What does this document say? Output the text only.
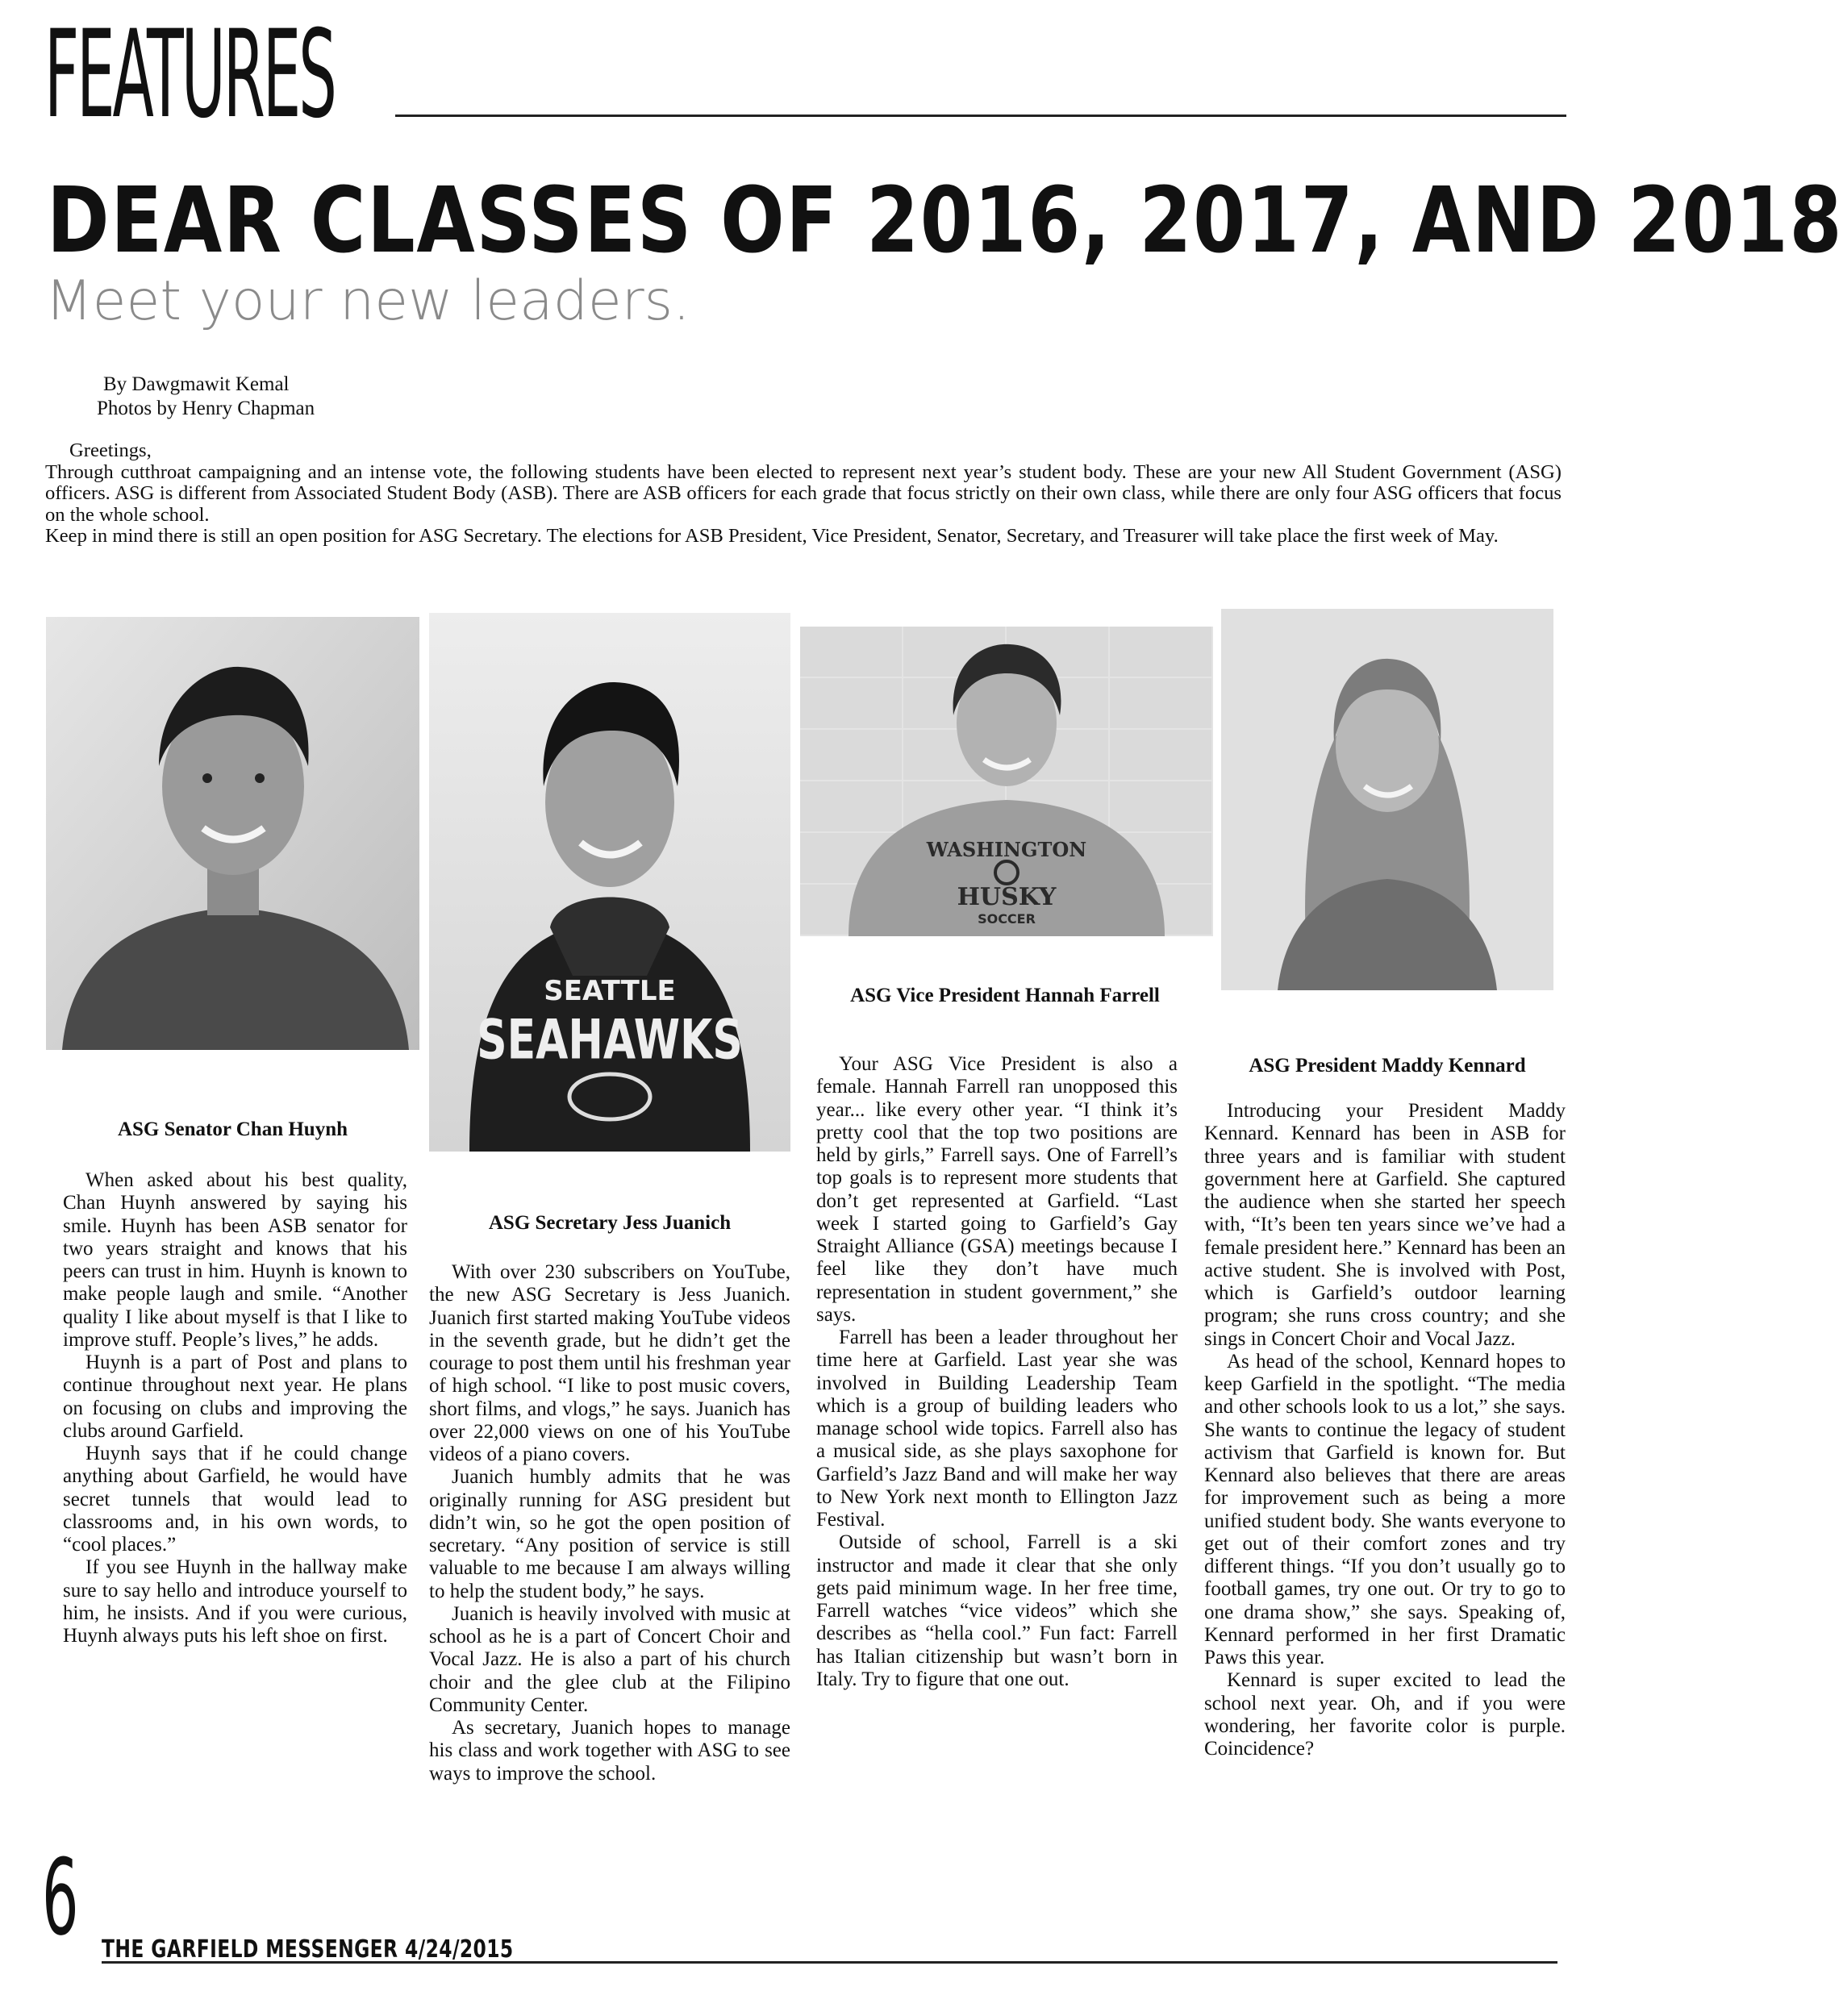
FEATURES
DEAR CLASSES OF 2016, 2017, AND 2018
Meet your new leaders.
By Dawgmawit Kemal
Photos by Henry Chapman

Greetings,

Through cutthroat campaigning and an intense vote, the following students have been elected to represent next year’s student body. These are your new All Student Government (ASG) officers. ASG is different from Associated Student Body (ASB). There are ASB officers for each grade that focus strictly on their own class, while there are only four ASG officers that focus on the whole school.

Keep in mind there is still an open position for ASG Secretary. The elections for ASB President, Vice President, Senator, Secretary, and Treasurer will take place the first week of May.

ASG Senator Chan Huynh
SEATTLE
SEAHAWKS
ASG Secretary Jess Juanich
WASHINGTON
HUSKY
SOCCER
ASG Vice President Hannah Farrell
ASG President Maddy Kennard

When asked about his best quality, Chan Huynh answered by saying his smile. Huynh has been ASB senator for two years straight and knows that his peers can trust in him. Huynh is known to make people laugh and smile. “Another quality I like about myself is that I like to improve stuff. People’s lives,” he adds.

Huynh is a part of Post and plans to continue throughout next year. He plans on focusing on clubs and improving the clubs around Garfield.

Huynh says that if he could change anything about Garfield, he would have secret tunnels that would lead to classrooms and, in his own words, to “cool places.”

If you see Huynh in the hallway make sure to say hello and introduce yourself to him, he insists. And if you were curious, Huynh always puts his left shoe on first.

With over 230 subscribers on YouTube, the new ASG Secretary is Jess Juanich. Juanich first started making YouTube videos in the seventh grade, but he didn’t get the courage to post them until his freshman year of high school. “I like to post music covers, short films, and vlogs,” he says. Juanich has over 22,000 views on one of his YouTube videos of a piano covers.

Juanich humbly admits that he was originally running for ASG president but didn’t win, so he got the open position of secretary. “Any position of service is still valuable to me because I am always willing to help the student body,” he says.

Juanich is heavily involved with music at school as he is a part of Concert Choir and Vocal Jazz. He is also a part of his church choir and the glee club at the Filipino Community Center.

As secretary, Juanich hopes to manage his class and work together with ASG to see ways to improve the school.

Your ASG Vice President is also a female. Hannah Farrell ran unopposed this year... like every other year. “I think it’s pretty cool that the top two positions are held by girls,” Farrell says. One of Farrell’s top goals is to represent more students that don’t get represented at Garfield. “Last week I started going to Garfield’s Gay Straight Alliance (GSA) meetings because I feel like they don’t have much representation in student government,” she says.

Farrell has been a leader throughout her time here at Garfield. Last year she was involved in Building Leadership Team which is a group of building leaders who manage school wide topics. Farrell also has a musical side, as she plays saxophone for Garfield’s Jazz Band and will make her way to New York next month to Ellington Jazz Festival.

Outside of school, Farrell is a ski instructor and made it clear that she only gets paid minimum wage. In her free time, Farrell watches “vice videos” which she describes as “hella cool.” Fun fact: Farrell has Italian citizenship but wasn’t born in Italy. Try to figure that one out.

Introducing your President Maddy Kennard. Kennard has been in ASB for three years and is familiar with student government here at Garfield. She captured the audience when she started her speech with, “It’s been ten years since we’ve had a female president here.” Kennard has been an active student. She is involved with Post, which is Garfield’s outdoor learning program; she runs cross country; and she sings in Concert Choir and Vocal Jazz.

As head of the school, Kennard hopes to keep Garfield in the spotlight. “The media and other schools look to us a lot,” she says. She wants to continue the legacy of student activism that Garfield is known for. But Kennard also believes that there are areas for improvement such as being a more unified student body. She wants everyone to get out of their comfort zones and try different things. “If you don’t usually go to football games, try one out. Or try to go to one drama show,” she says. Speaking of, Kennard performed in her first Dramatic Paws this year.

Kennard is super excited to lead the school next year. Oh, and if you were wondering, her favorite color is purple. Coincidence?

6 THE GARFIELD MESSENGER 4/24/2015
